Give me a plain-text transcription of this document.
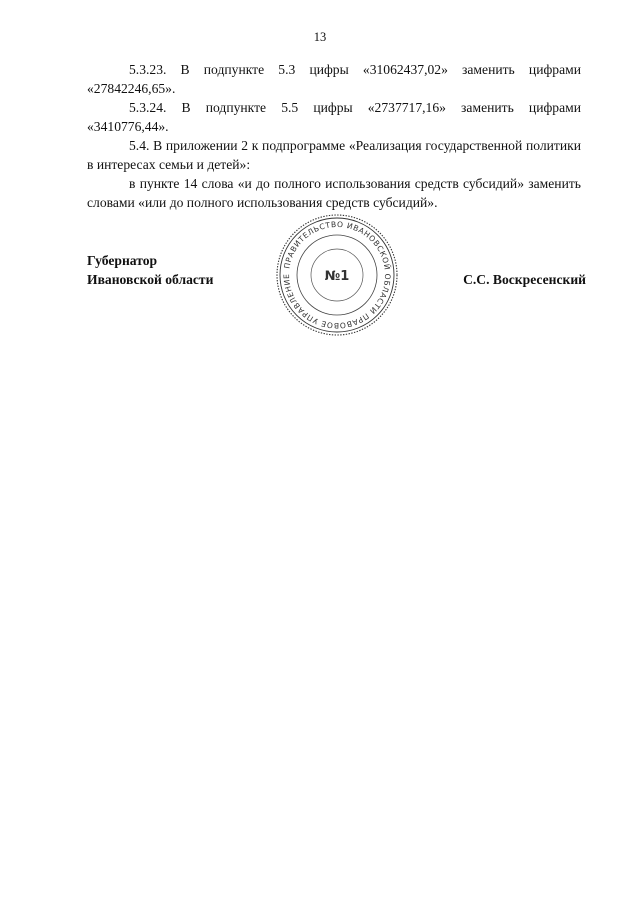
13

5.3.23. В подпункте 5.3 цифры «31062437,02» заменить цифрами «27842246,65».

5.3.24. В подпункте 5.5 цифры «2737717,16» заменить цифрами «3410776,44».

5.4. В приложении 2 к подпрограмме «Реализация государственной политики в интересах семьи и детей»:

в пункте 14 слова «и до полного использования средств субсидий» заменить словами «или до полного использования средств субсидий».

Губернатор
Ивановской области
ПРАВИТЕЛЬСТВО ИВАНОВСКОЙ ОБЛАСТИ ПРАВОВОЕ УПРАВЛЕНИЕ	№1	С.С. Воскресенский
